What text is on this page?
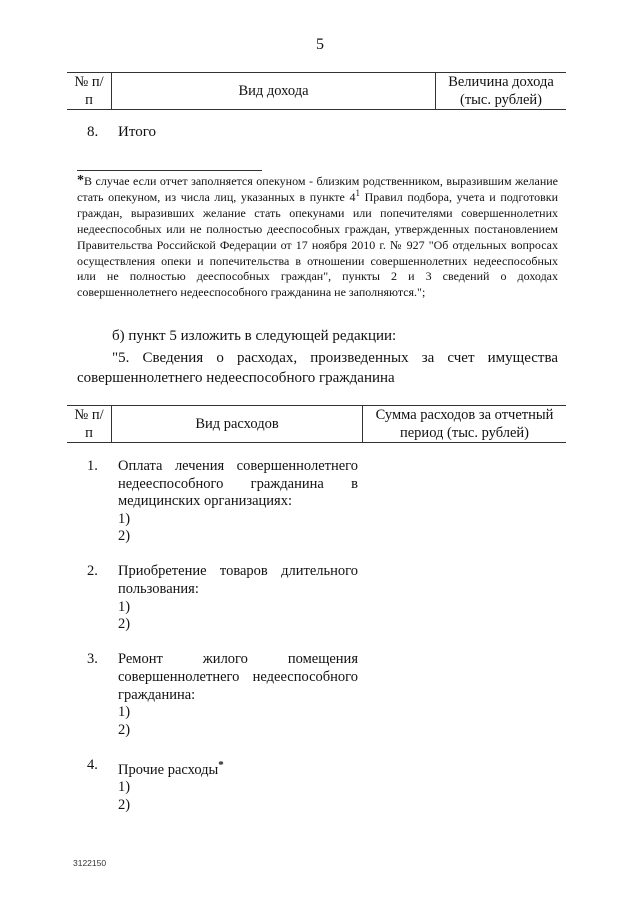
5
№ п/п	Вид дохода	Величина дохода (тыс. рублей)
8. Итого
*В случае если отчет заполняется опекуном - близким родственником, выразившим желание стать опекуном, из числа лиц, указанных в пункте $4^1$ Правил подбора, учета и подготовки граждан, выразивших желание стать опекунами или попечителями совершеннолетних недееспособных или не полностью дееспособных граждан, утвержденных постановлением Правительства Российской Федерации от 17 ноября 2010 г. № 927 "Об отдельных вопросах осуществления опеки и попечительства в отношении совершеннолетних недееспособных или не полностью дееспособных граждан", пункты 2 и 3 сведений о доходах совершеннолетнего недееспособного гражданина не заполняются.";
б) пункт 5 изложить в следующей редакции:
"5. Сведения о расходах, произведенных за счет имущества совершеннолетнего недееспособного гражданина
№ п/п	Вид расходов	Сумма расходов за отчетный период (тыс. рублей)
1. Оплата лечения совершеннолетнего недееспособного гражданина в медицинских организациях:
1)
2)
2. Приобретение товаров длительного пользования:
1)
2)
3. Ремонт жилого помещения совершеннолетнего недееспособного гражданина:
1)
2)
4. Прочие расходы*
1)
2)
3122150
